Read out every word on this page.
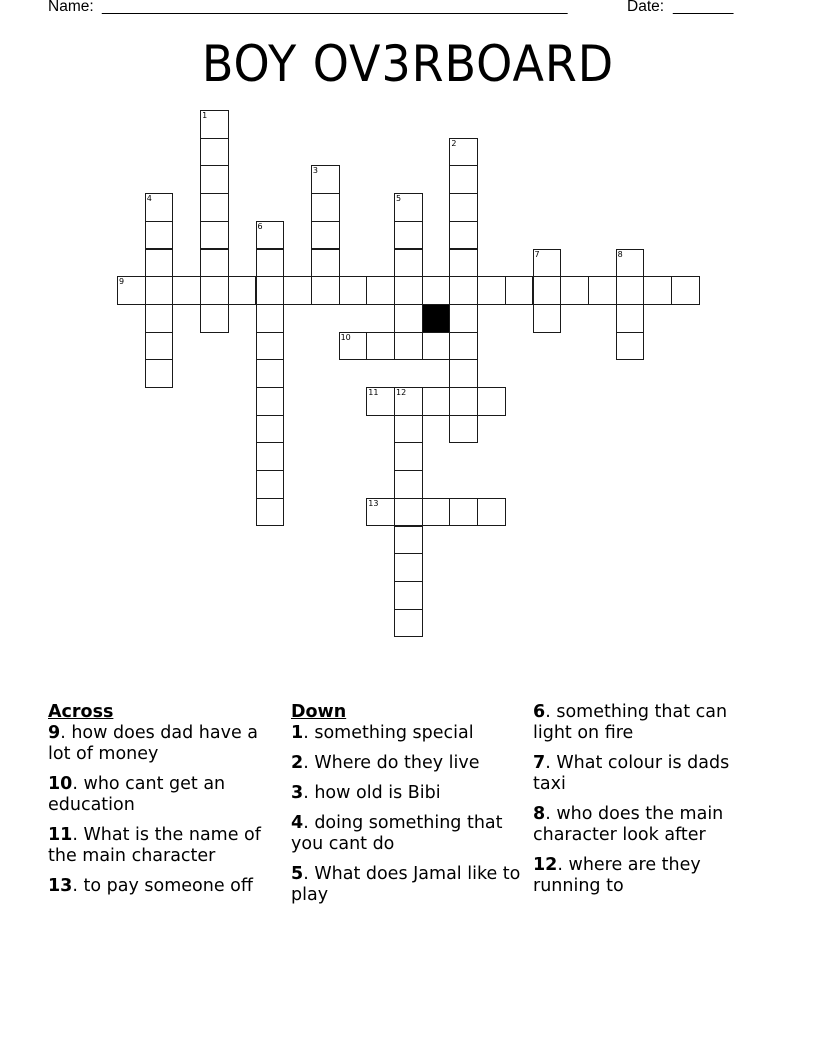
Name: ______________________________________________________	Date: _______
BOY OV3RBOARD
1
2
3
4	5
6
7	8
9
10
11 12
13
Across
9. how does dad have a lot of money
10. who cant get an education
11. What is the name of the main character
13. to pay someone off
Down
1. something special
2. Where do they live
3. how old is Bibi
4. doing something that you cant do
5. What does Jamal like to play
6. something that can light on fire
7. What colour is dads taxi
8. who does the main character look after
12. where are they running to
